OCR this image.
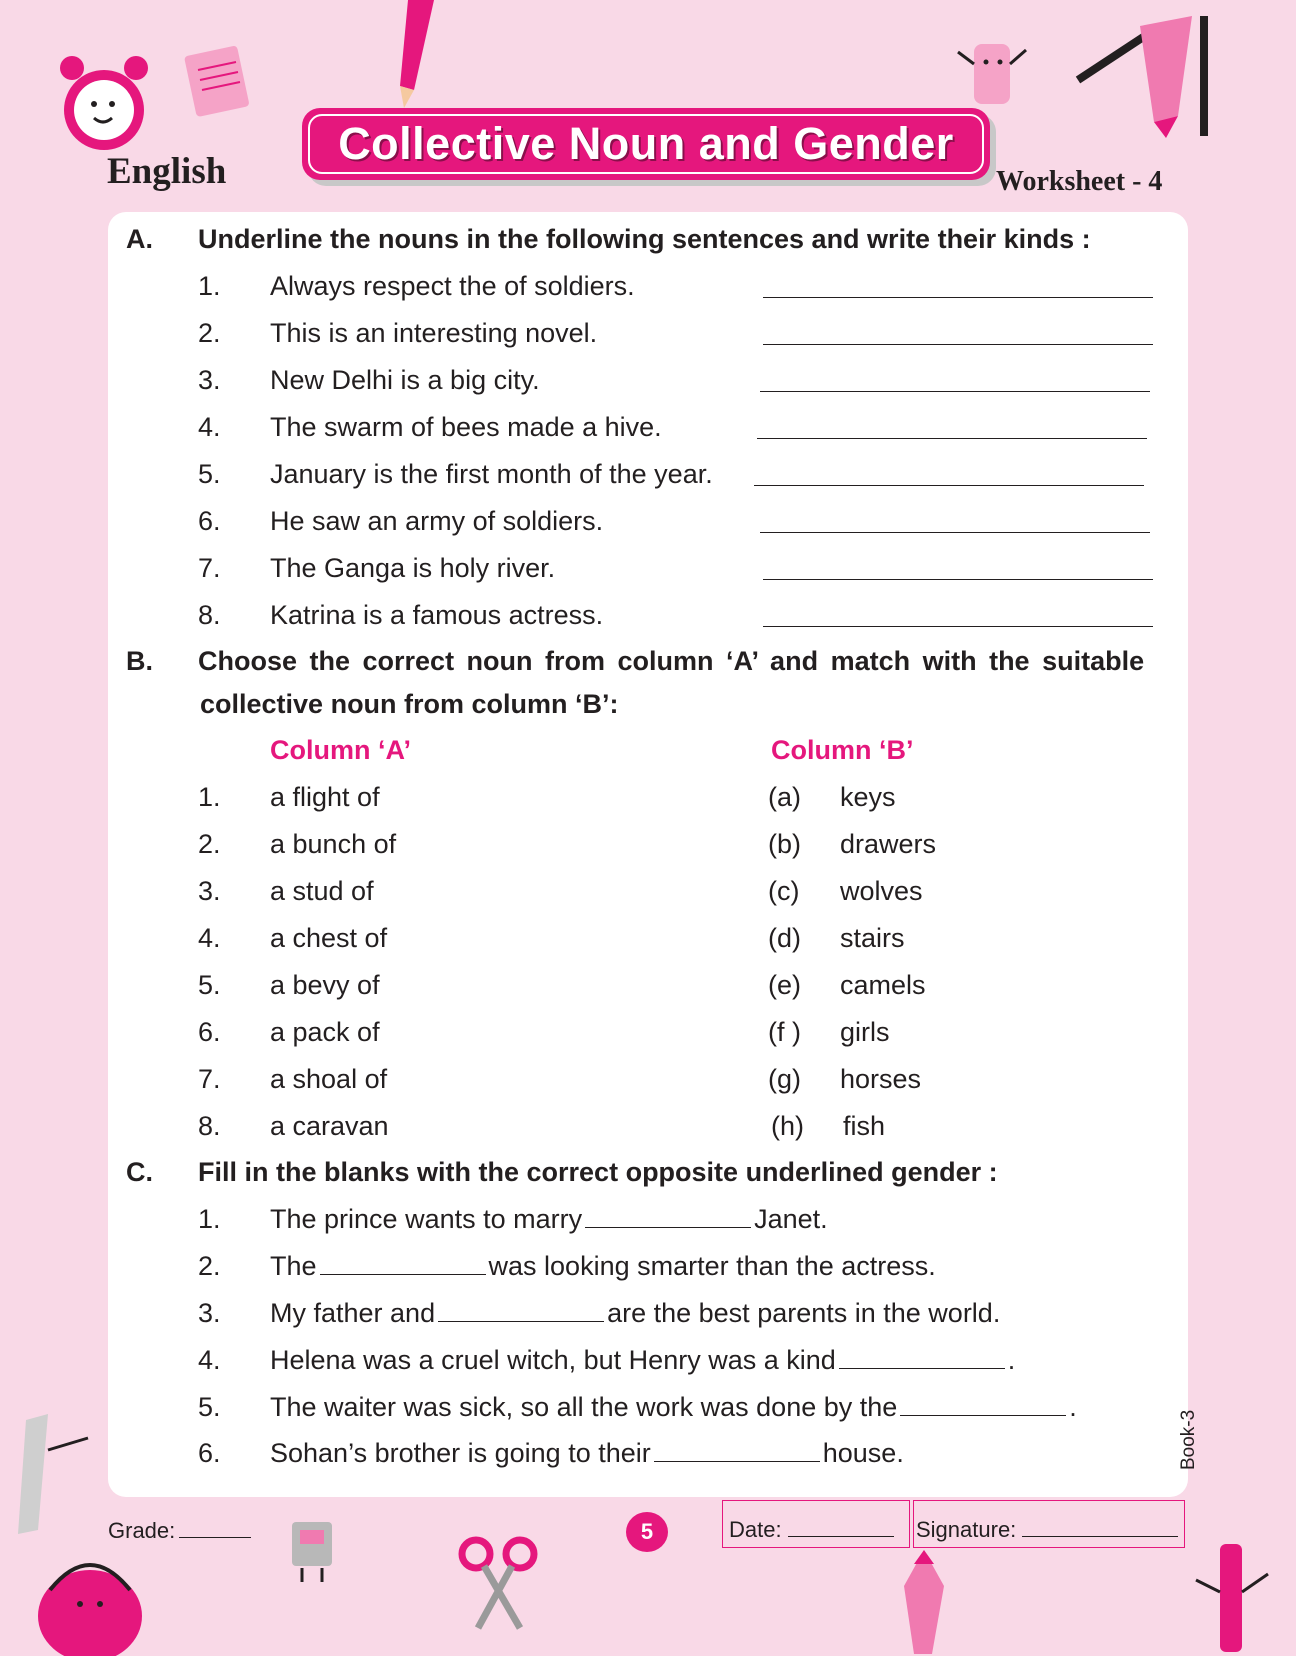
English
Collective Noun and Gender
Worksheet - 4
A. Underline the nouns in the following sentences and write their kinds :
1. Always respect the of soldiers.
2. This is an interesting novel.
3. New Delhi is a big city.
4. The swarm of bees made a hive.
5. January is the first month of the year.
6. He saw an army of soldiers.
7. The Ganga is holy river.
8. Katrina is a famous actress.
B. Choose the correct noun from column ‘A’ and match with the suitable
collective noun from column ‘B’:
Column ‘A’	Column ‘B’
1. a flight of	(a) keys
2. a bunch of	(b) drawers
3. a stud of	(c) wolves
4. a chest of	(d) stairs
5. a bevy of	(e) camels
6. a pack of	(f ) girls
7. a shoal of	(g) horses
8. a caravan	(h) fish
C. Fill in the blanks with the correct opposite underlined gender :
1. The prince wants to marry	Janet.
2. The	was looking smarter than the actress.
3. My father and	are the best parents in the world.
4. Helena was a cruel witch, but Henry was a kind	.
5. The waiter was sick, so all the work was done by the	.
6. Sohan’s brother is going to their	house.	Book-3
Grade:	5	Date:	Signature:
